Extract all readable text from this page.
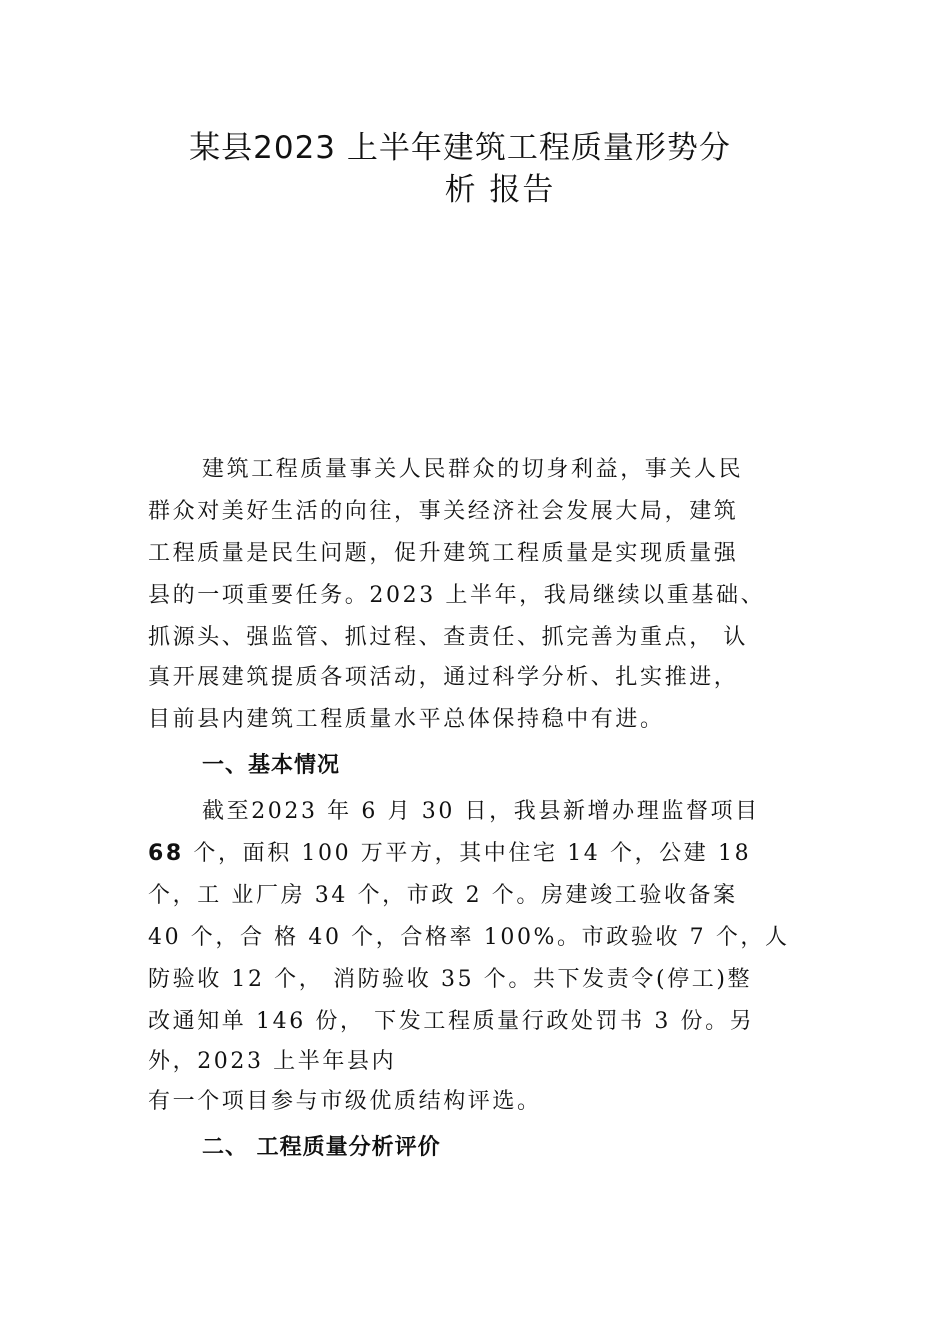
某县2023 上半年建筑工程质量形势分
析 报告
建筑工程质量事关人民群众的切身利益，事关人民
群众对美好生活的向往，事关经济社会发展大局，建筑
工程质量是民生问题，促升建筑工程质量是实现质量强
县的一项重要任务。2023 上半年，我局继续以重基础、
抓源头、强监管、抓过程、查责任、抓完善为重点， 认
真开展建筑提质各项活动，通过科学分析、扎实推进，
目前县内建筑工程质量水平总体保持稳中有进。
一、基本情况
截至2023 年 6 月 30 日，我县新增办理监督项目
68 个，面积 100 万平方，其中住宅 14 个，公建 18
个，工 业厂房 34 个，市政 2 个。房建竣工验收备案
40 个，合 格 40 个，合格率 100%。市政验收 7 个，人
防验收 12 个， 消防验收 35 个。共下发责令(停工)整
改通知单 146 份， 下发工程质量行政处罚书 3 份。另
外，2023 上半年县内
有一个项目参与市级优质结构评选。
二、 工程质量分析评价
